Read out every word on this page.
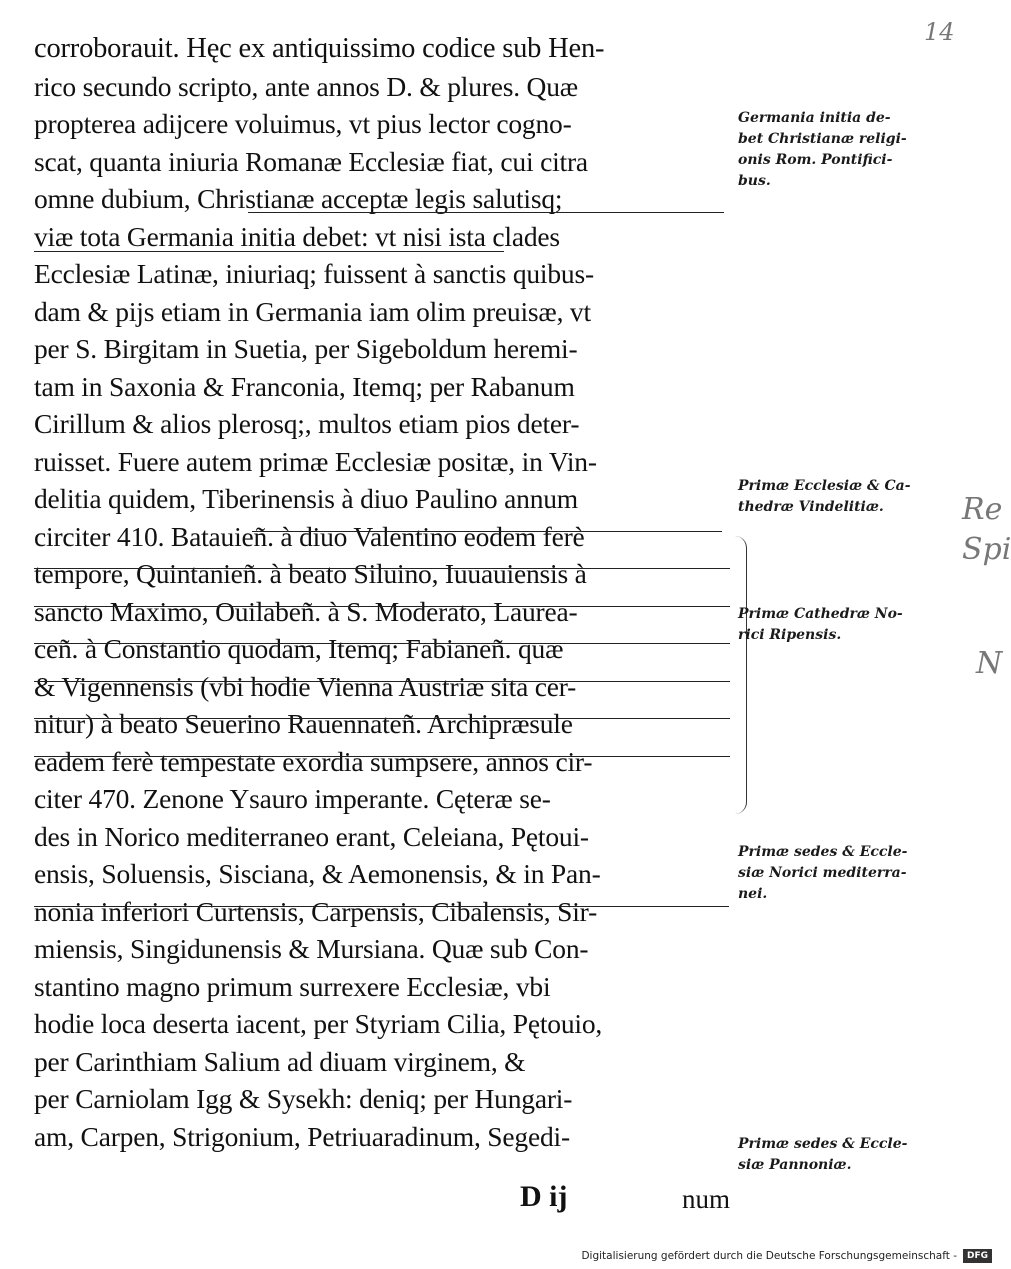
14
corroborauit. Hęc ex antiquissimo codice sub Hen-
rico secundo scripto, ante annos D. & plures. Quæ
propterea adijcere voluimus, vt pius lector cogno-
scat, quanta iniuria Romanæ Ecclesiæ fiat, cui citra
omne dubium, Christianæ acceptæ legis salutisq;
viæ tota Germania initia debet: vt nisi ista clades
Ecclesiæ Latinæ, iniuriaq; fuissent à sanctis quibus-
dam & pijs etiam in Germania iam olim preuisæ, vt
per S. Birgitam in Suetia, per Sigeboldum heremi-
tam in Saxonia & Franconia, Itemq; per Rabanum
Cirillum & alios plerosq;, multos etiam pios deter-
ruisset. Fuere autem primæ Ecclesiæ positæ, in Vin-
delitia quidem, Tiberinensis à diuo Paulino annum
circiter 410. Batauieñ. à diuo Valentino eodem ferè
tempore, Quintanieñ. à beato Siluino, Iuuauiensis à
sancto Maximo, Ouilabeñ. à S. Moderato, Laurea-
ceñ. à Constantio quodam, Itemq; Fabianeñ. quæ
& Vigennensis (vbi hodie Vienna Austriæ sita cer-
nitur) à beato Seuerino Rauennateñ. Archipræsule
eadem ferè tempestate exordia sumpsere, annos cir-
citer 470. Zenone Ysauro imperante. Cęteræ se-
des in Norico mediterraneo erant, Celeiana, Pętoui-
ensis, Soluensis, Sisciana, & Aemonensis, & in Pan-
nonia inferiori Curtensis, Carpensis, Cibalensis, Sir-
miensis, Singidunensis & Mursiana. Quæ sub Con-
stantino magno primum surrexere Ecclesiæ, vbi
hodie loca deserta iacent, per Styriam Cilia, Pętouio,
per Carinthiam Salium ad diuam virginem, &
per Carniolam Igg & Sysekh: deniq; per Hungari-
am, Carpen, Strigonium, Petriuaradinum, Segedi-
Germania initia de-
bet Christianæ religi-
onis Rom. Pontifici-
bus.
Primæ Ecclesiæ & Ca-
thedræ Vindelitiæ.
Primæ Cathedræ No-
rici Ripensis.
Primæ sedes & Eccle-
siæ Norici mediterra-
nei.
Primæ sedes & Eccle-
siæ Pannoniæ.
Re
Spi
N
D ij	num
Digitalisierung gefördert durch die Deutsche Forschungsgemeinschaft -	DFG
